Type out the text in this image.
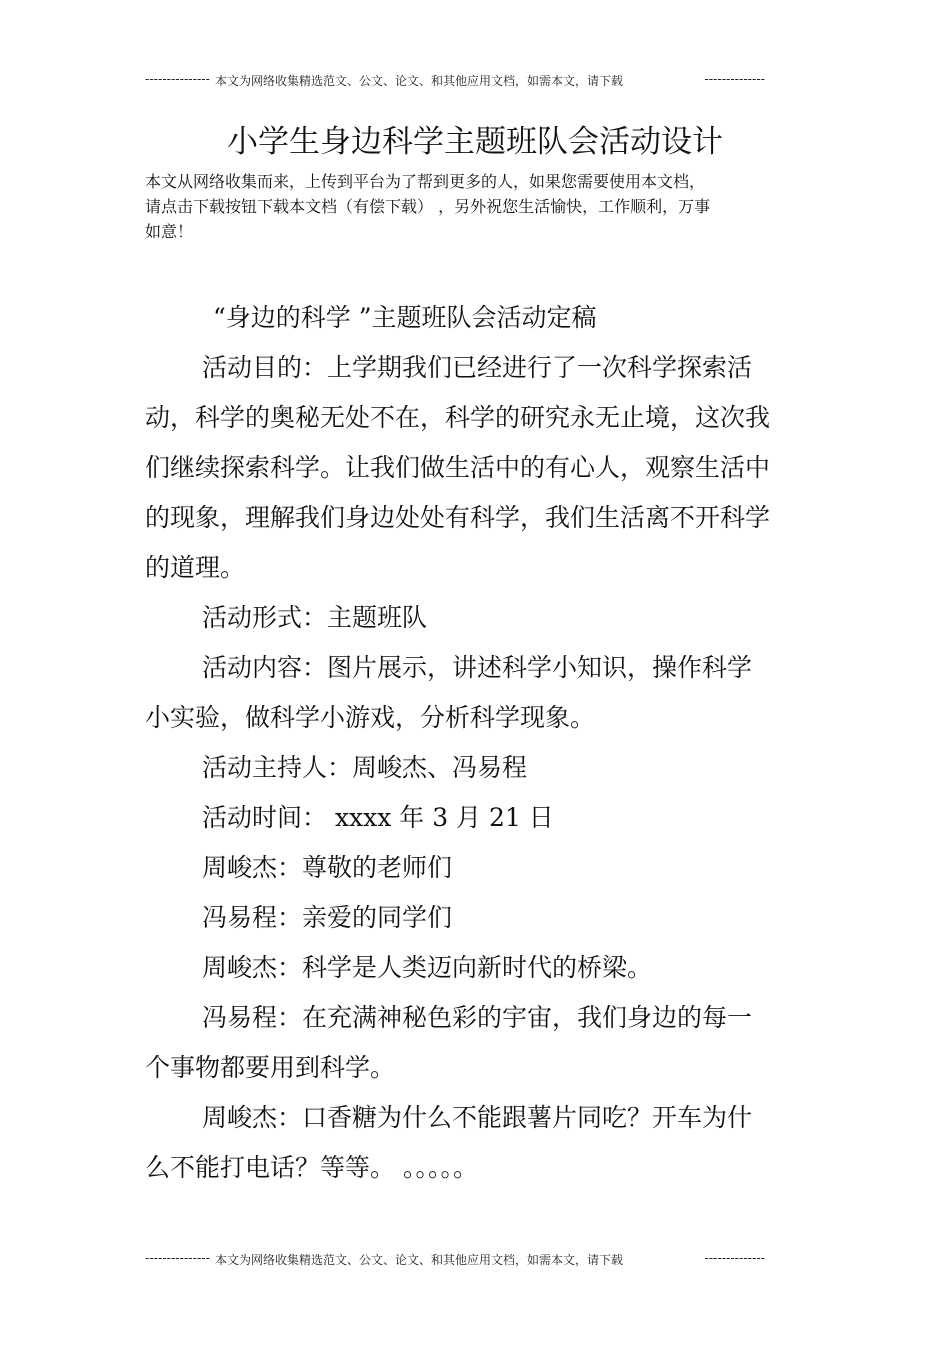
--------------- 本文为网络收集精选范文、公文、论文、和其他应用文档，如需本文，请下载	--------------
小学生身边科学主题班队会活动设计

本文从网络收集而来，上传到平台为了帮到更多的人，如果您需要使用本文档，

请点击下载按钮下载本文档（有偿下载） ，另外祝您生活愉快，工作顺利，万事

如意！

“身边的科学 ”主题班队会活动定稿

活动目的：上学期我们已经进行了一次科学探索活动，科学的奥秘无处不在，科学的研究永无止境，这次我们继续探索科学。让我们做生活中的有心人，观察生活中的现象，理解我们身边处处有科学，我们生活离不开科学的道理。

活动形式：主题班队

活动内容：图片展示，讲述科学小知识，操作科学小实验，做科学小游戏，分析科学现象。

活动主持人：周峻杰、冯易程

活动时间： xxxx 年 3 月 21 日

周峻杰：尊敬的老师们

冯易程：亲爱的同学们

周峻杰：科学是人类迈向新时代的桥梁。

冯易程：在充满神秘色彩的宇宙，我们身边的每一个事物都要用到科学。

周峻杰：口香糖为什么不能跟薯片同吃？开车为什么不能打电话？等等。 。。。。。

--------------- 本文为网络收集精选范文、公文、论文、和其他应用文档，如需本文，请下载	--------------
